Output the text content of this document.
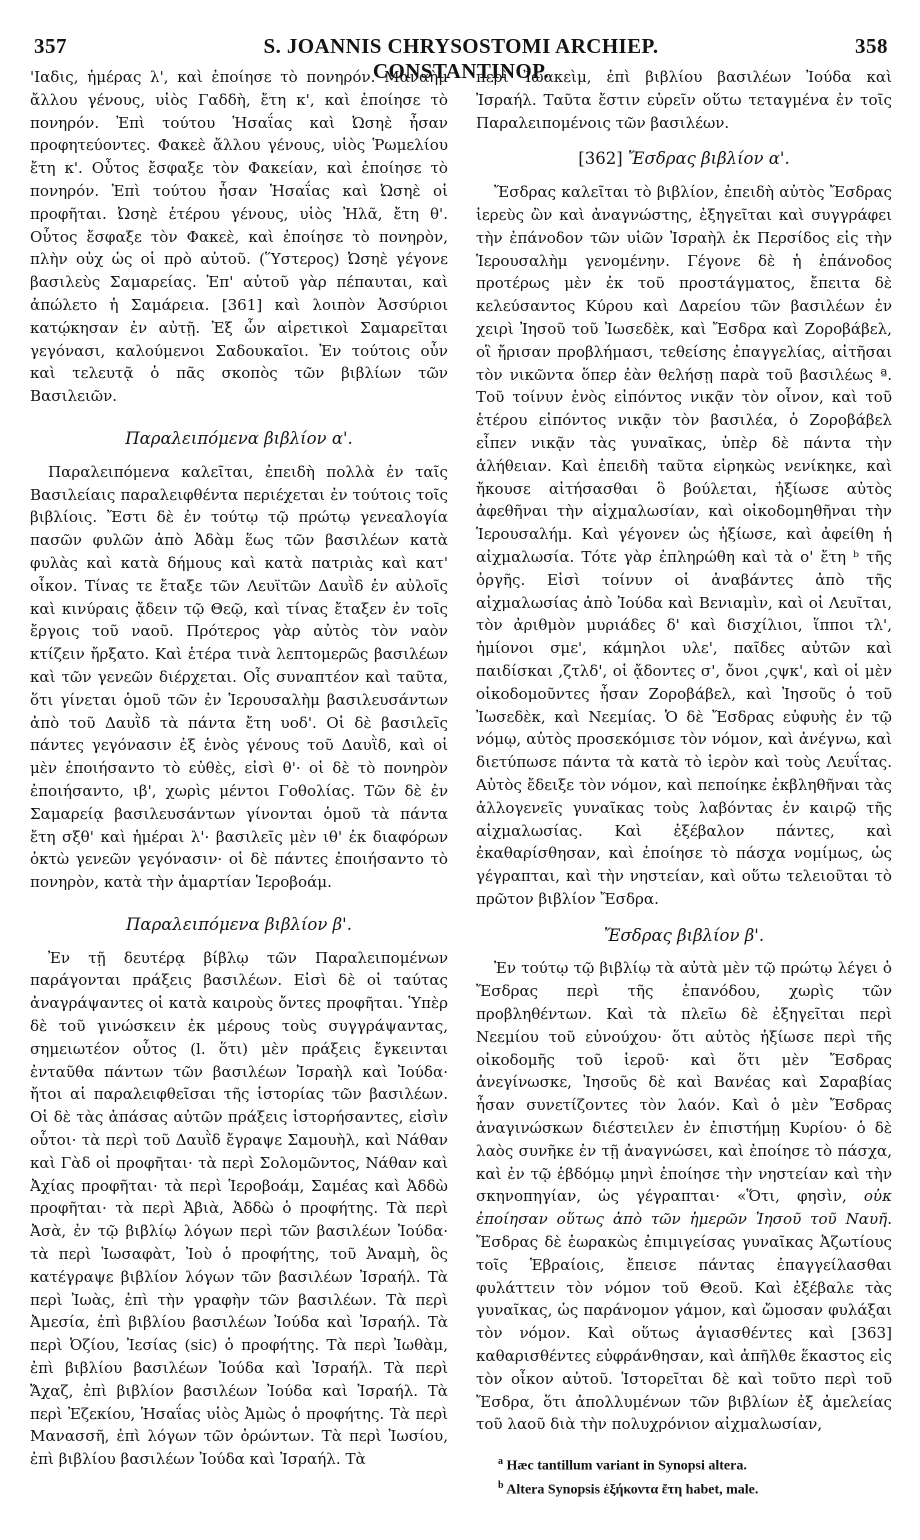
357	S. JOANNIS CHRYSOSTOMI ARCHIEP. CONSTANTINOP.
358

'Ιαδις, ἡμέρας λ', καὶ ἐποίησε τὸ πονηρόν. Μαναὴμ ἄλλου γένους, υἱὸς Γαδδὴ, ἔτη κ', καὶ ἐποίησε τὸ πονηρόν. Ἐπὶ τούτου Ἡσαΐας καὶ Ὠσηὲ ἦσαν προφητεύοντες. Φακεὲ ἄλλου γένους, υἱὸς Ῥωμελίου ἔτη κ'. Οὗτος ἔσφαξε τὸν Φακείαν, καὶ ἐποίησε τὸ πονηρόν. Ἐπὶ τούτου ἦσαν Ἡσαΐας καὶ Ὠσηὲ οἱ προφῆται. Ὠσηὲ ἑτέρου γένους, υἱὸς Ἠλᾶ, ἔτη θ'. Οὗτος ἔσφαξε τὸν Φακεὲ, καὶ ἐποίησε τὸ πονηρὸν, πλὴν οὐχ ὡς οἱ πρὸ αὐτοῦ. (Ὕστερος) Ὠσηὲ γέγονε βασιλεὺς Σαμαρείας. Ἐπ' αὐτοῦ γὰρ πέπαυται, καὶ ἀπώλετο ἡ Σαμάρεια. [361] καὶ λοιπὸν Ἀσσύριοι κατῴκησαν ἐν αὐτῇ. Ἐξ ὧν αἱρετικοὶ Σαμαρεῖται γεγόνασι, καλούμενοι Σαδουκαῖοι. Ἐν τούτοις οὖν καὶ τελευτᾷ ὁ πᾶς σκοπὸς τῶν βιβλίων τῶν Βασιλειῶν.

Παραλειπόμενα βιβλίον α'.

Παραλειπόμενα καλεῖται, ἐπειδὴ πολλὰ ἐν ταῖς Βασιλείαις παραλειφθέντα περιέχεται ἐν τούτοις τοῖς βιβλίοις. Ἔστι δὲ ἐν τούτῳ τῷ πρώτῳ γενεαλογία πασῶν φυλῶν ἀπὸ Ἀδὰμ ἕως τῶν βασιλέων κατὰ φυλὰς καὶ κατὰ δήμους καὶ κατὰ πατριὰς καὶ κατ' οἶκον. Τίνας τε ἔταξε τῶν Λευϊτῶν Δαυῒδ ἐν αὐλοῖς καὶ κινύραις ᾄδειν τῷ Θεῷ, καὶ τίνας ἔταξεν ἐν τοῖς ἔργοις τοῦ ναοῦ. Πρότερος γὰρ αὐτὸς τὸν ναὸν κτίζειν ἤρξατο. Καὶ ἑτέρα τινὰ λεπτομερῶς βασιλέων καὶ τῶν γενεῶν διέρχεται. Οἷς συναπτέον καὶ ταῦτα, ὅτι γίνεται ὁμοῦ τῶν ἐν Ἱερουσαλὴμ βασιλευσάντων ἀπὸ τοῦ Δαυῒδ τὰ πάντα ἔτη υοδ'. Οἱ δὲ βασιλεῖς πάντες γεγόνασιν ἐξ ἑνὸς γένους τοῦ Δαυῒδ, καὶ οἱ μὲν ἐποιήσαντο τὸ εὐθὲς, εἰσὶ θ'· οἱ δὲ τὸ πονηρὸν ἐποιήσαντο, ιβ', χωρὶς μέντοι Γοθολίας. Τῶν δὲ ἐν Σαμαρείᾳ βασιλευσάντων γίνονται ὁμοῦ τὰ πάντα ἔτη σξθ' καὶ ἡμέραι λ'· βασιλεῖς μὲν ιθ' ἐκ διαφόρων ὀκτὼ γενεῶν γεγόνασιν· οἱ δὲ πάντες ἐποιήσαντο τὸ πονηρὸν, κατὰ τὴν ἁμαρτίαν Ἱεροβοάμ.

Παραλειπόμενα βιβλίον β'.

Ἐν τῇ δευτέρᾳ βίβλῳ τῶν Παραλειπομένων παράγονται πράξεις βασιλέων. Εἰσὶ δὲ οἱ ταύτας ἀναγράψαντες οἱ κατὰ καιροὺς ὄντες προφῆται. Ὑπὲρ δὲ τοῦ γινώσκειν ἐκ μέρους τοὺς συγγράψαντας, σημειωτέον οὗτος (l. ὅτι) μὲν πράξεις ἔγκεινται ἐνταῦθα πάντων τῶν βασιλέων Ἰσραὴλ καὶ Ἰούδα· ἤτοι αἱ παραλειφθεῖσαι τῆς ἱστορίας τῶν βασιλέων. Οἱ δὲ τὰς ἁπάσας αὐτῶν πράξεις ἱστορήσαντες, εἰσὶν οὗτοι· τὰ περὶ τοῦ Δαυῒδ ἔγραψε Σαμουὴλ, καὶ Νάθαν καὶ Γὰδ οἱ προφῆται· τὰ περὶ Σολομῶντος, Νάθαν καὶ Ἀχίας προφῆται· τὰ περὶ Ἱεροβοάμ, Σαμέας καὶ Ἀδδὼ προφῆται· τὰ περὶ Ἀβιὰ, Ἀδδὼ ὁ προφήτης. Τὰ περὶ Ἀσὰ, ἐν τῷ βιβλίῳ λόγων περὶ τῶν βασιλέων Ἰούδα· τὰ περὶ Ἰωσαφὰτ, Ἰοὺ ὁ προφήτης, τοῦ Ἀναμὴ, ὃς κατέγραψε βιβλίον λόγων τῶν βασιλέων Ἰσραήλ. Τὰ περὶ Ἰωὰς, ἐπὶ τὴν γραφὴν τῶν βασιλέων. Τὰ περὶ Ἀμεσία, ἐπὶ βιβλίου βασιλέων Ἰούδα καὶ Ἰσραήλ. Τὰ περὶ Ὀζίου, Ἰεσίας (sic) ὁ προφήτης. Τὰ περὶ Ἰωθὰμ, ἐπὶ βιβλίου βασιλέων Ἰούδα καὶ Ἰσραήλ. Τὰ περὶ Ἄχαζ, ἐπὶ βιβλίον βασιλέων Ἰούδα καὶ Ἰσραήλ. Τὰ περὶ Ἐζεκίου, Ἡσαΐας υἱὸς Ἀμὼς ὁ προφήτης. Τὰ περὶ Μανασσῆ, ἐπὶ λόγων τῶν ὁρώντων. Τὰ περὶ Ἰωσίου, ἐπὶ βιβλίου βασιλέων Ἰούδα καὶ Ἰσραήλ. Τὰ

περὶ Ἰωακεὶμ, ἐπὶ βιβλίου βασιλέων Ἰούδα καὶ Ἰσραήλ. Ταῦτα ἔστιν εὑρεῖν οὕτω τεταγμένα ἐν τοῖς Παραλειπομένοις τῶν βασιλέων.

[362] Ἔσδρας βιβλίον α'.

Ἔσδρας καλεῖται τὸ βιβλίον, ἐπειδὴ αὐτὸς Ἔσδρας ἱερεὺς ὢν καὶ ἀναγνώστης, ἐξηγεῖται καὶ συγγράφει τὴν ἐπάνοδον τῶν υἱῶν Ἰσραὴλ ἐκ Περσίδος εἰς τὴν Ἱερουσαλὴμ γενομένην. Γέγονε δὲ ἡ ἐπάνοδος προτέρως μὲν ἐκ τοῦ προστάγματος, ἔπειτα δὲ κελεύσαντος Κύρου καὶ Δαρείου τῶν βασιλέων ἐν χειρὶ Ἰησοῦ τοῦ Ἰωσεδὲκ, καὶ Ἔσδρα καὶ Ζοροβάβελ, οἳ ἤρισαν προβλήμασι, τεθείσης ἐπαγγελίας, αἰτῆσαι τὸν νικῶντα ὅπερ ἐὰν θελήσῃ παρὰ τοῦ βασιλέως ª. Τοῦ τοίνυν ἑνὸς εἰπόντος νικᾷν τὸν οἶνον, καὶ τοῦ ἑτέρου εἰπόντος νικᾷν τὸν βασιλέα, ὁ Ζοροβάβελ εἶπεν νικᾷν τὰς γυναῖκας, ὑπὲρ δὲ πάντα τὴν ἀλήθειαν. Καὶ ἐπειδὴ ταῦτα εἰρηκὼς νενίκηκε, καὶ ἤκουσε αἰτήσασθαι ὃ βούλεται, ἠξίωσε αὐτὸς ἀφεθῆναι τὴν αἰχμαλωσίαν, καὶ οἰκοδομηθῆναι τὴν Ἱερουσαλήμ. Καὶ γέγονεν ὡς ἠξίωσε, καὶ ἀφείθη ἡ αἰχμαλωσία. Τότε γὰρ ἐπληρώθη καὶ τὰ ο' ἔτη ᵇ τῆς ὀργῆς. Εἰσὶ τοίνυν οἱ ἀναβάντες ἀπὸ τῆς αἰχμαλωσίας ἀπὸ Ἰούδα καὶ Βενιαμὶν, καὶ οἱ Λευῖται, τὸν ἀριθμὸν μυριάδες δ' καὶ δισχίλιοι, ἵπποι τλ', ἡμίονοι σμε', κάμηλοι υλε', παῖδες αὐτῶν καὶ παιδίσκαι ,ζτλδ', οἱ ᾄδοντες σ', ὄνοι ,ςψκ', καὶ οἱ μὲν οἰκοδομοῦντες ἦσαν Ζοροβάβελ, καὶ Ἰησοῦς ὁ τοῦ Ἰωσεδὲκ, καὶ Νεεμίας. Ὁ δὲ Ἔσδρας εὐφυὴς ἐν τῷ νόμῳ, αὐτὸς προσεκόμισε τὸν νόμον, καὶ ἀνέγνω, καὶ διετύπωσε πάντα τὰ κατὰ τὸ ἱερὸν καὶ τοὺς Λευΐτας. Αὐτὸς ἔδειξε τὸν νόμον, καὶ πεποίηκε ἐκβληθῆναι τὰς ἀλλογενεῖς γυναῖκας τοὺς λαβόντας ἐν καιρῷ τῆς αἰχμαλωσίας. Καὶ ἐξέβαλον πάντες, καὶ ἐκαθαρίσθησαν, καὶ ἐποίησε τὸ πάσχα νομίμως, ὡς γέγραπται, καὶ τὴν νηστείαν, καὶ οὕτω τελειοῦται τὸ πρῶτον βιβλίον Ἔσδρα.

Ἔσδρας βιβλίον β'.

Ἐν τούτῳ τῷ βιβλίῳ τὰ αὐτὰ μὲν τῷ πρώτῳ λέγει ὁ Ἔσδρας περὶ τῆς ἐπανόδου, χωρὶς τῶν προβληθέντων. Καὶ τὰ πλεῖω δὲ ἐξηγεῖται περὶ Νεεμίου τοῦ εὐνούχου· ὅτι αὐτὸς ἠξίωσε περὶ τῆς οἰκοδομῆς τοῦ ἱεροῦ· καὶ ὅτι μὲν Ἔσδρας ἀνεγίνωσκε, Ἰησοῦς δὲ καὶ Βανέας καὶ Σαραβίας ἦσαν συνετίζοντες τὸν λαόν. Καὶ ὁ μὲν Ἔσδρας ἀναγινώσκων διέστειλεν ἐν ἐπιστήμῃ Κυρίου· ὁ δὲ λαὸς συνῆκε ἐν τῇ ἀναγνώσει, καὶ ἐποίησε τὸ πάσχα, καὶ ἐν τῷ ἑβδόμῳ μηνὶ ἐποίησε τὴν νηστείαν καὶ τὴν σκηνοπηγίαν, ὡς γέγραπται· «Ὅτι, φησὶν, οὐκ ἐποίησαν οὕτως ἀπὸ τῶν ἡμερῶν Ἰησοῦ τοῦ Ναυῆ. Ἔσδρας δὲ ἑωρακὼς ἐπιμιγείσας γυναῖκας Ἀζωτίους τοῖς Ἑβραίοις, ἔπεισε πάντας ἐπαγγείλασθαι φυλάττειν τὸν νόμον τοῦ Θεοῦ. Καὶ ἐξέβαλε τὰς γυναῖκας, ὡς παράνομον γάμον, καὶ ὤμοσαν φυλάξαι τὸν νόμον. Καὶ οὕτως ἁγιασθέντες καὶ [363] καθαρισθέντες εὐφράνθησαν, καὶ ἀπῆλθε ἕκαστος εἰς τὸν οἶκον αὐτοῦ. Ἱστορεῖται δὲ καὶ τοῦτο περὶ τοῦ Ἔσδρα, ὅτι ἀπολλυμένων τῶν βιβλίων ἐξ ἀμελείας τοῦ λαοῦ διὰ τὴν πολυχρόνιον αἰχμαλωσίαν,

$^a$ Hæc tantillum variant in Synopsi altera.
$^b$ Altera Synopsis ἑξήκοντα ἔτη habet, male.
